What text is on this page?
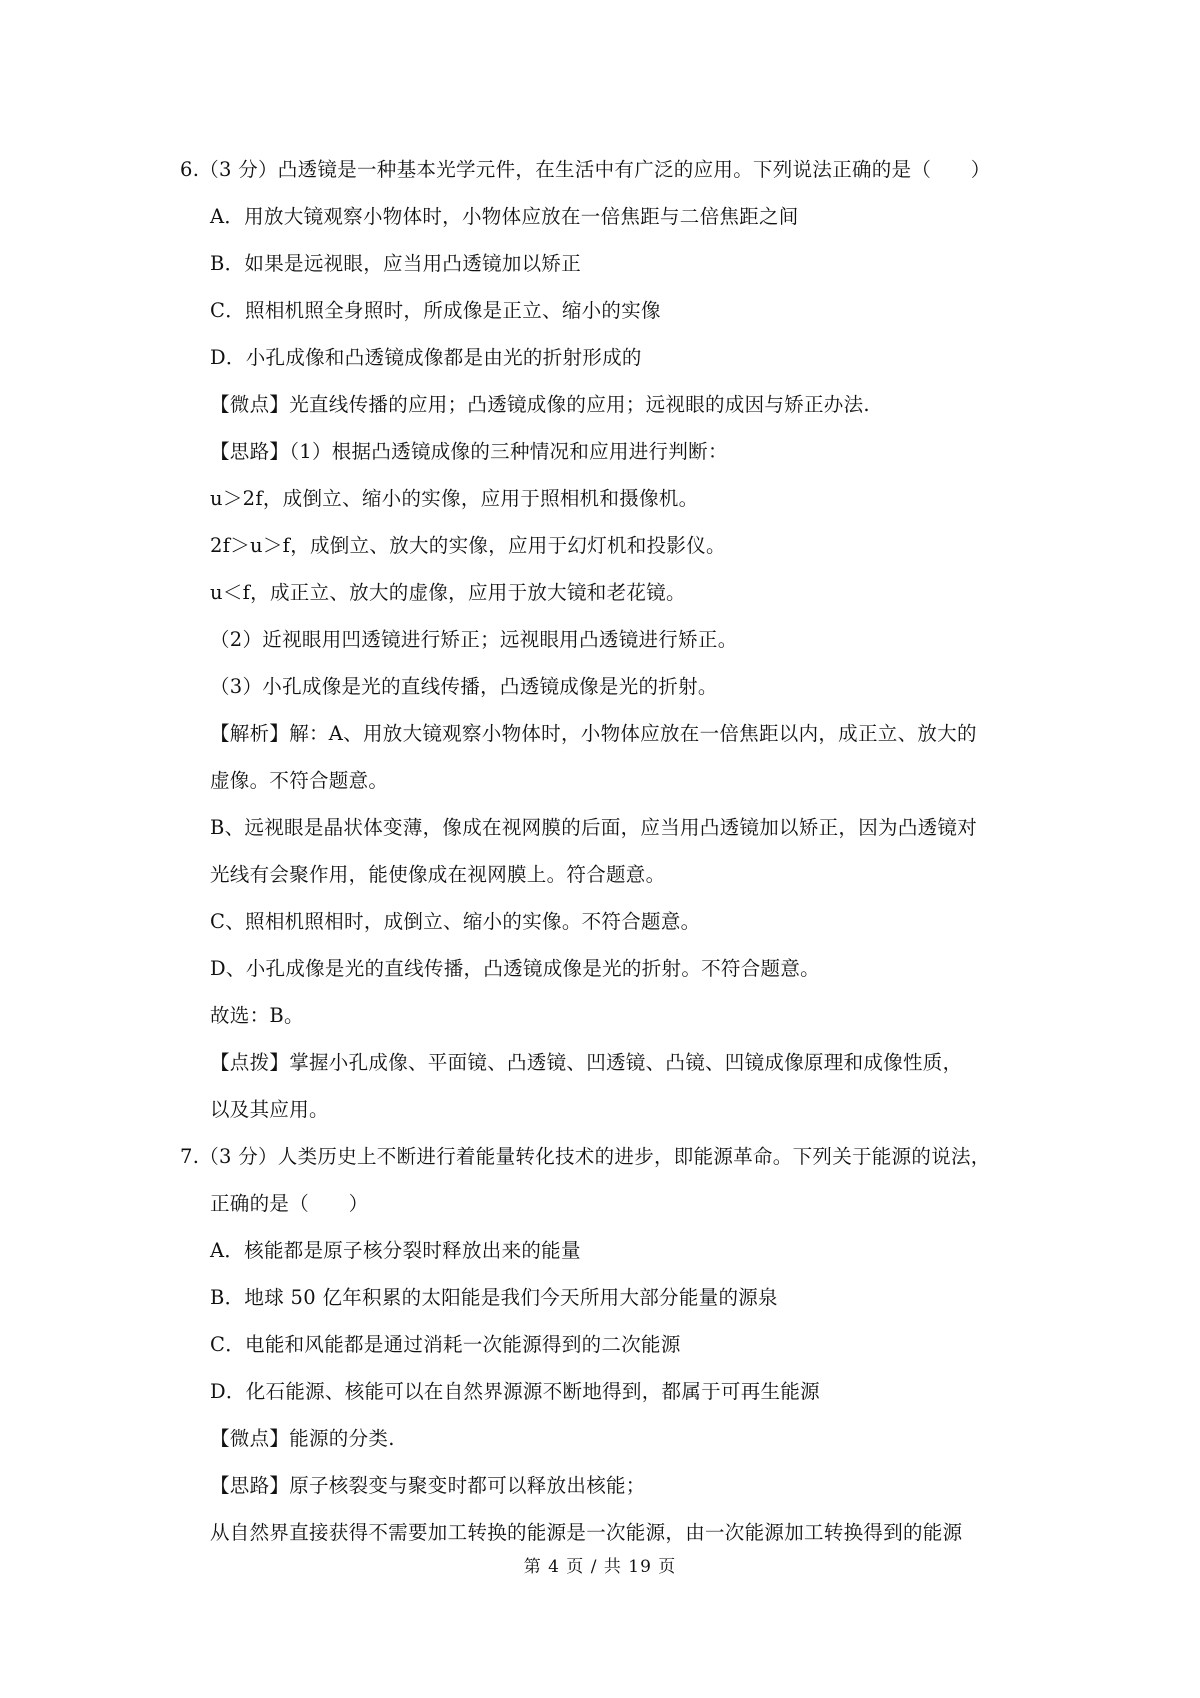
6.（3 分）凸透镜是一种基本光学元件，在生活中有广泛的应用。下列说法正确的是（　　）
A．用放大镜观察小物体时，小物体应放在一倍焦距与二倍焦距之间
B．如果是远视眼，应当用凸透镜加以矫正
C．照相机照全身照时，所成像是正立、缩小的实像
D．小孔成像和凸透镜成像都是由光的折射形成的
【微点】光直线传播的应用；凸透镜成像的应用；远视眼的成因与矫正办法.
【思路】（1）根据凸透镜成像的三种情况和应用进行判断：
u＞2f，成倒立、缩小的实像，应用于照相机和摄像机。
2f＞u＞f，成倒立、放大的实像，应用于幻灯机和投影仪。
u＜f，成正立、放大的虚像，应用于放大镜和老花镜。
（2）近视眼用凹透镜进行矫正；远视眼用凸透镜进行矫正。
（3）小孔成像是光的直线传播，凸透镜成像是光的折射。
【解析】解：A、用放大镜观察小物体时，小物体应放在一倍焦距以内，成正立、放大的
虚像。不符合题意。
B、远视眼是晶状体变薄，像成在视网膜的后面，应当用凸透镜加以矫正，因为凸透镜对
光线有会聚作用，能使像成在视网膜上。符合题意。
C、照相机照相时，成倒立、缩小的实像。不符合题意。
D、小孔成像是光的直线传播，凸透镜成像是光的折射。不符合题意。
故选：B。
【点拨】掌握小孔成像、平面镜、凸透镜、凹透镜、凸镜、凹镜成像原理和成像性质，
以及其应用。
7.（3 分）人类历史上不断进行着能量转化技术的进步，即能源革命。下列关于能源的说法，
正确的是（　　）
A．核能都是原子核分裂时释放出来的能量
B．地球 50 亿年积累的太阳能是我们今天所用大部分能量的源泉
C．电能和风能都是通过消耗一次能源得到的二次能源
D．化石能源、核能可以在自然界源源不断地得到，都属于可再生能源
【微点】能源的分类.
【思路】原子核裂变与聚变时都可以释放出核能；
从自然界直接获得不需要加工转换的能源是一次能源，由一次能源加工转换得到的能源
第 4 页 / 共 19 页
